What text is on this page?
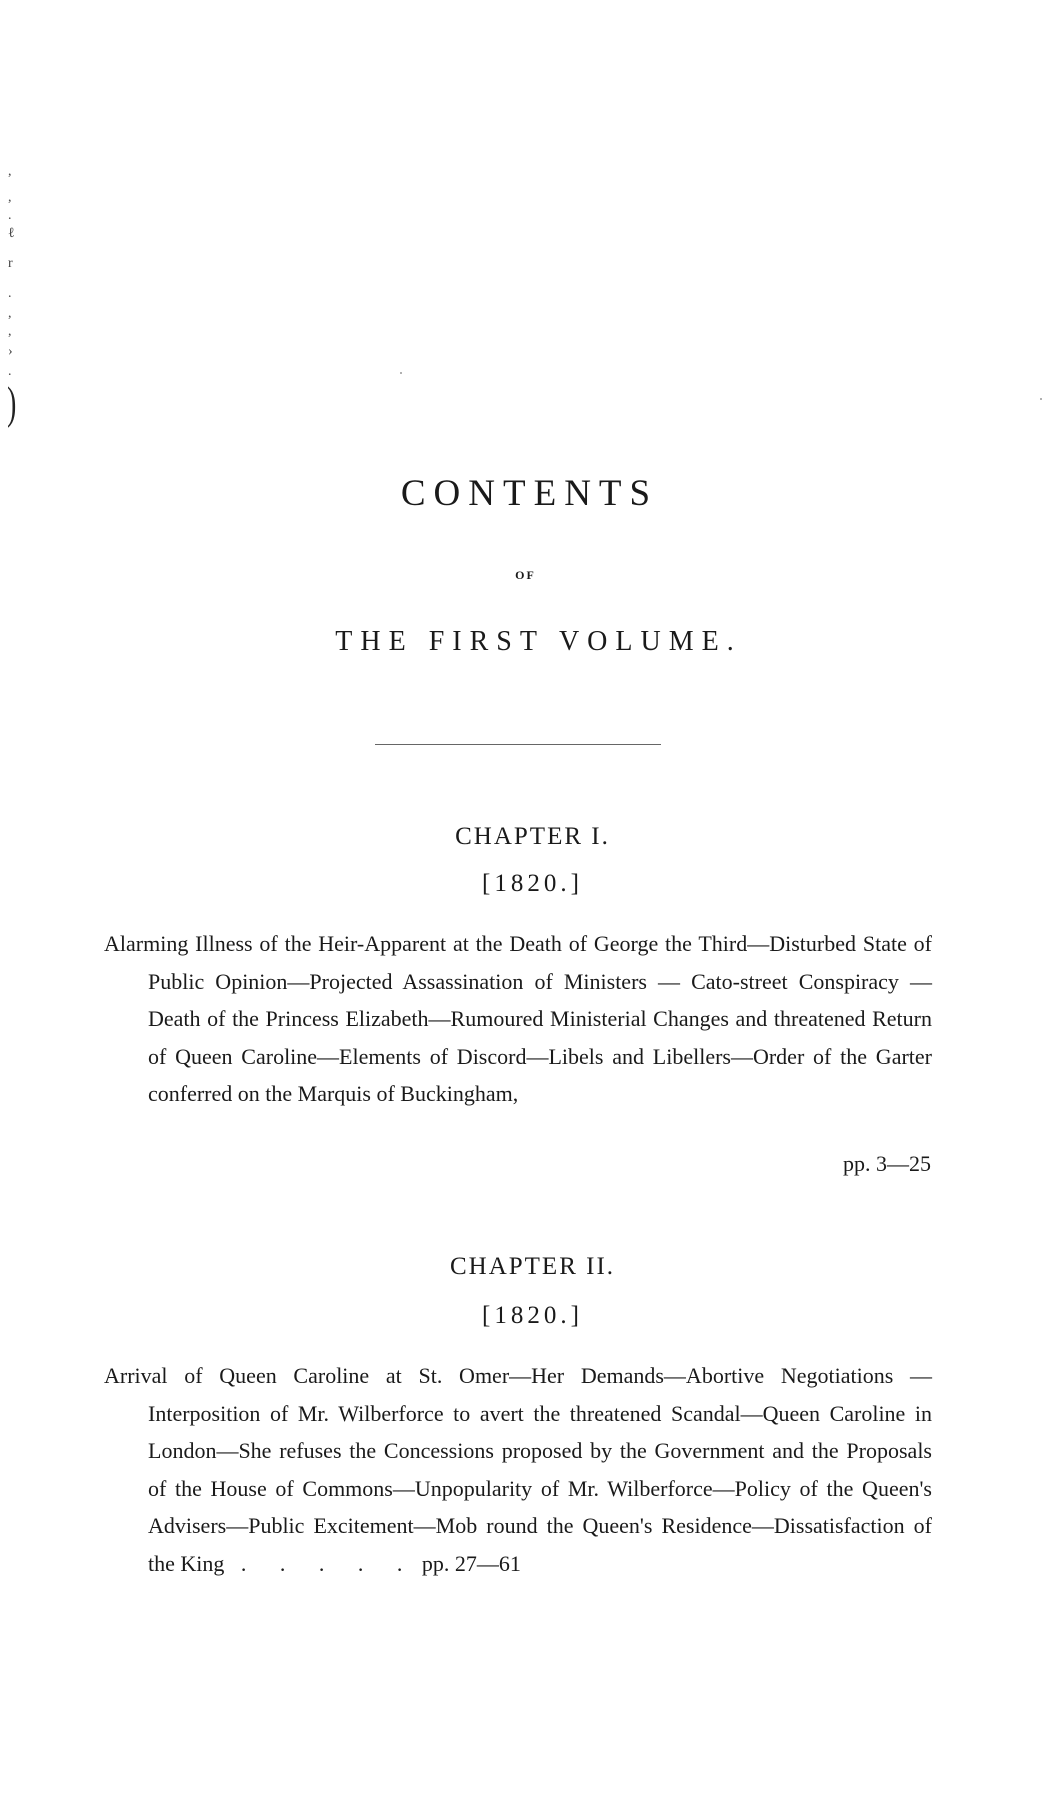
,
,
.
ℓ
r
.
,
,
›
.
)
CONTENTS
OF
THE FIRST VOLUME.
CHAPTER I.
[1820.]
Alarming Illness of the Heir-Apparent at the Death of George the Third—Disturbed State of Public Opinion—Projected Assassination of Ministers — Cato-street Conspiracy — Death of the Princess Elizabeth—Rumoured Ministerial Changes and threatened Return of Queen Caroline—Elements of Discord—Libels and Libellers—Order of the Garter conferred on the Marquis of Buckingham,
pp. 3—25
CHAPTER II.
[1820.]
Arrival of Queen Caroline at St. Omer—Her Demands—Abortive Negotiations — Interposition of Mr. Wilberforce to avert the threatened Scandal—Queen Caroline in London—She refuses the Concessions proposed by the Government and the Proposals of the House of Commons—Unpopularity of Mr. Wilberforce—Policy of the Queen's Advisers—Public Excitement—Mob round the Queen's Residence—Dissatisfaction of the King . . . . . pp. 27—61
